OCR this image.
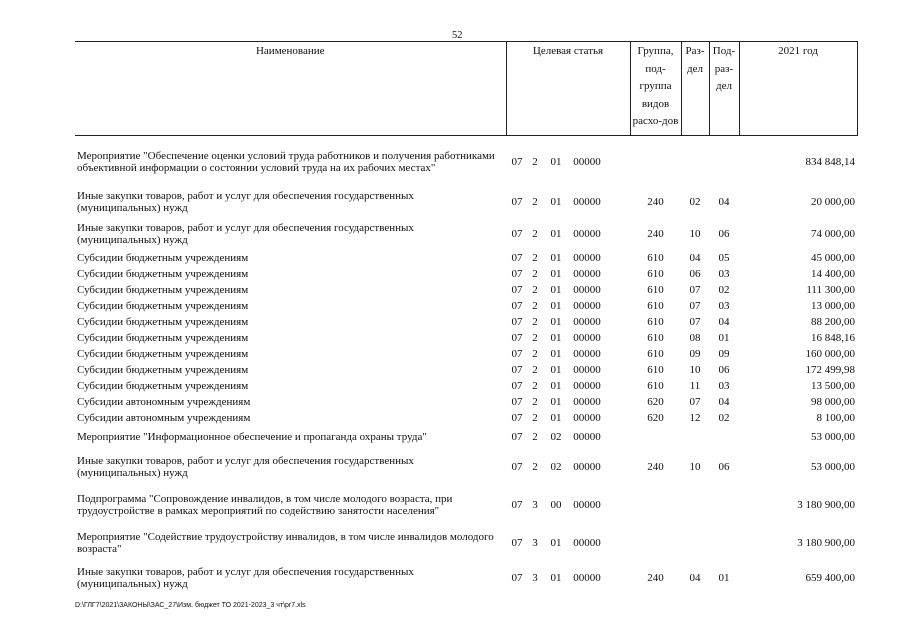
52
Наименование	Целевая статья	Группа, под-группа видов расхо-дов	Раз-дел	Под-раз-дел	2021 год
Мероприятие "Обеспечение оценки условий труда работников и получения работниками объективной информации о состоянии условий труда на их рабочих местах"	07 2 01 00000				834 848,14
Иные закупки товаров, работ и услуг для обеспечения государственных (муниципальных) нужд	07 2 01 00000	240	02	04	20 000,00
Иные закупки товаров, работ и услуг для обеспечения государственных (муниципальных) нужд	07 2 01 00000	240	10	06	74 000,00
Субсидии бюджетным учреждениям	07 2 01 00000	610	04	05	45 000,00
Субсидии бюджетным учреждениям	07 2 01 00000	610	06	03	14 400,00
Субсидии бюджетным учреждениям	07 2 01 00000	610	07	02	111 300,00
Субсидии бюджетным учреждениям	07 2 01 00000	610	07	03	13 000,00
Субсидии бюджетным учреждениям	07 2 01 00000	610	07	04	88 200,00
Субсидии бюджетным учреждениям	07 2 01 00000	610	08	01	16 848,16
Субсидии бюджетным учреждениям	07 2 01 00000	610	09	09	160 000,00
Субсидии бюджетным учреждениям	07 2 01 00000	610	10	06	172 499,98
Субсидии бюджетным учреждениям	07 2 01 00000	610	11	03	13 500,00
Субсидии автономным учреждениям	07 2 01 00000	620	07	04	98 000,00
Субсидии автономным учреждениям	07 2 01 00000	620	12	02	8 100,00
Мероприятие "Информационное обеспечение и пропаганда охраны труда"	07 2 02 00000				53 000,00
Иные закупки товаров, работ и услуг для обеспечения государственных (муниципальных) нужд	07 2 02 00000	240	10	06	53 000,00
Подпрограмма "Сопровождение инвалидов, в том числе молодого возраста, при трудоустройстве в рамках мероприятий по содействию занятости населения"	07 3 00 00000				3 180 900,00
Мероприятие "Содействие трудоустройству инвалидов, в том числе инвалидов молодого возраста"	07 3 01 00000				3 180 900,00
Иные закупки товаров, работ и услуг для обеспечения государственных (муниципальных) нужд	07 3 01 00000	240	04	01	659 400,00
D:\ГЛГ7\2021\ЗАКОНЫ\ЗАС_27\Изм. бюджет ТО 2021-2023_3 чт\pr7.xls
